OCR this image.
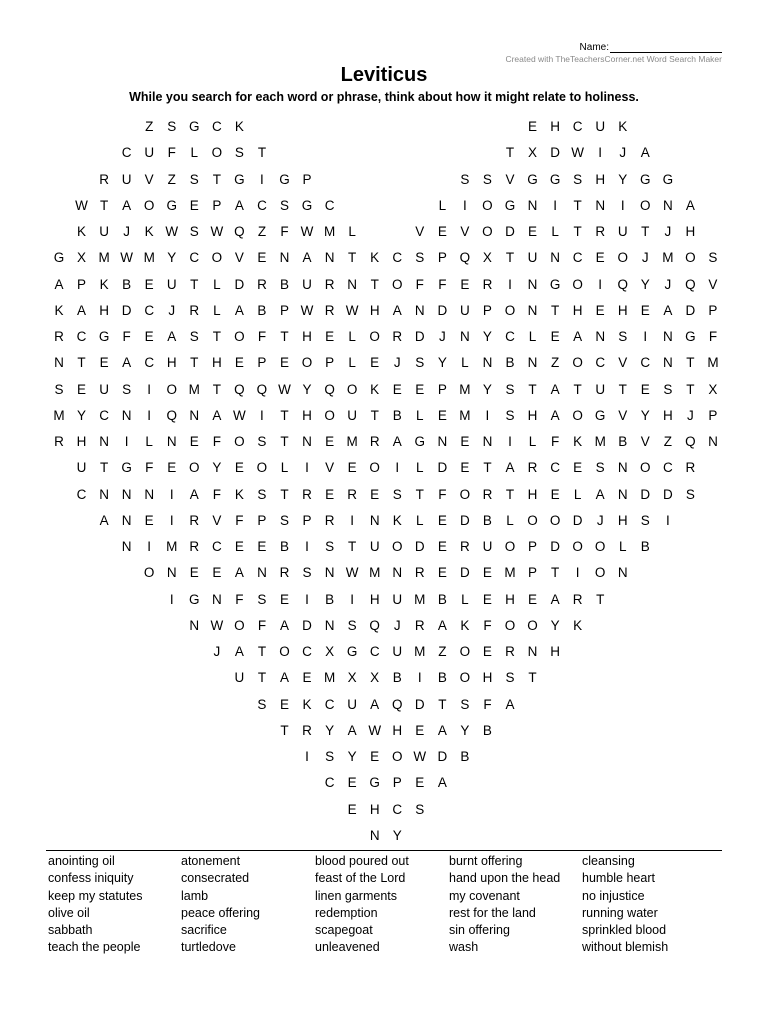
Name:
Created with TheTeachersCorner.net Word Search Maker
Leviticus
While you search for each word or phrase, think about how it might relate to holiness.
Z	S G C K	E H C U K
C U	F	L	O S	T	T	X D W	I	J	A
R U V	Z	S	T G	I	G P	S	S	V G G S H Y G G
W T	A O G E	P	A C S G C	L	I	O G N	I	T	N	I	O N A
K U	J	K W S W Q Z	F W M L	V	E	V O D E	L	T	R U	T	J	H
G X M W M Y C O V	E N A N	T	K C S	P Q X	T	U N C E O	J	M O S
A	P	K	B	E U	T	L	D R B U R N	T O F	F	E R	I	N G O	I	Q Y	J	Q V
K	A H D C	J	R	L	A	B	P W R W H A N D U P O N	T	H E H E	A D P
R C G F	E	A	S	T O F	T	H E	L	O R D	J	N Y C	L	E	A N S	I	N G F
N	T	E	A C H	T	H E	P	E O P	L	E	J	S	Y	L	N B N	Z O C V C N	T M
S	E U S	I	O M T Q Q W Y Q O K	E	E	P M Y	S	T	A	T	U	T	E	S	T	X
M Y C N	I	Q N A W	I	T	H O U	T	B	L	E M	I	S H A O G V	Y H	J	P
R H N	I	L	N E	F O S	T	N E M R A G N E N	I	L	F	K M B	V	Z Q N
U	T G F	E O Y	E O	L	I	V	E O	I	L	D E	T	A R C E	S N O C R
C N N N	I	A	F	K	S	T	R E R E	S	T	F O R	T	H E	L	A N D D S
A N E	I	R V	F	P	S	P R	I	N K	L	E D B	L	O O D	J	H S	I
N	I	M R C E	E	B	I	S	T	U O D E R U O P D O O	L	B
O N E	E	A N R S N W M N R E D E M P	T	I	O N
I	G N	F	S	E	I	B	I	H U M B	L	E H E	A R	T
N W O F	A D N S Q	J	R A	K	F O O Y	K
J	A	T O C X G C U M Z O E R N H
U	T	A	E M X	X	B	I	B O H S	T
S	E	K C U A Q D	T	S	F	A
T	R Y	A W H E	A	Y	B
I	S	Y	E O W D B
C E G P	E	A
E H C S
N Y
anointing oil
confess iniquity
keep my statutes
olive oil
sabbath
teach the people
atonement
consecrated
lamb
peace offering
sacrifice
turtledove
blood poured out
feast of the Lord
linen garments
redemption
scapegoat
unleavened
burnt offering
hand upon the head
my covenant
rest for the land
sin offering
wash
cleansing
humble heart
no injustice
running water
sprinkled blood
without blemish
